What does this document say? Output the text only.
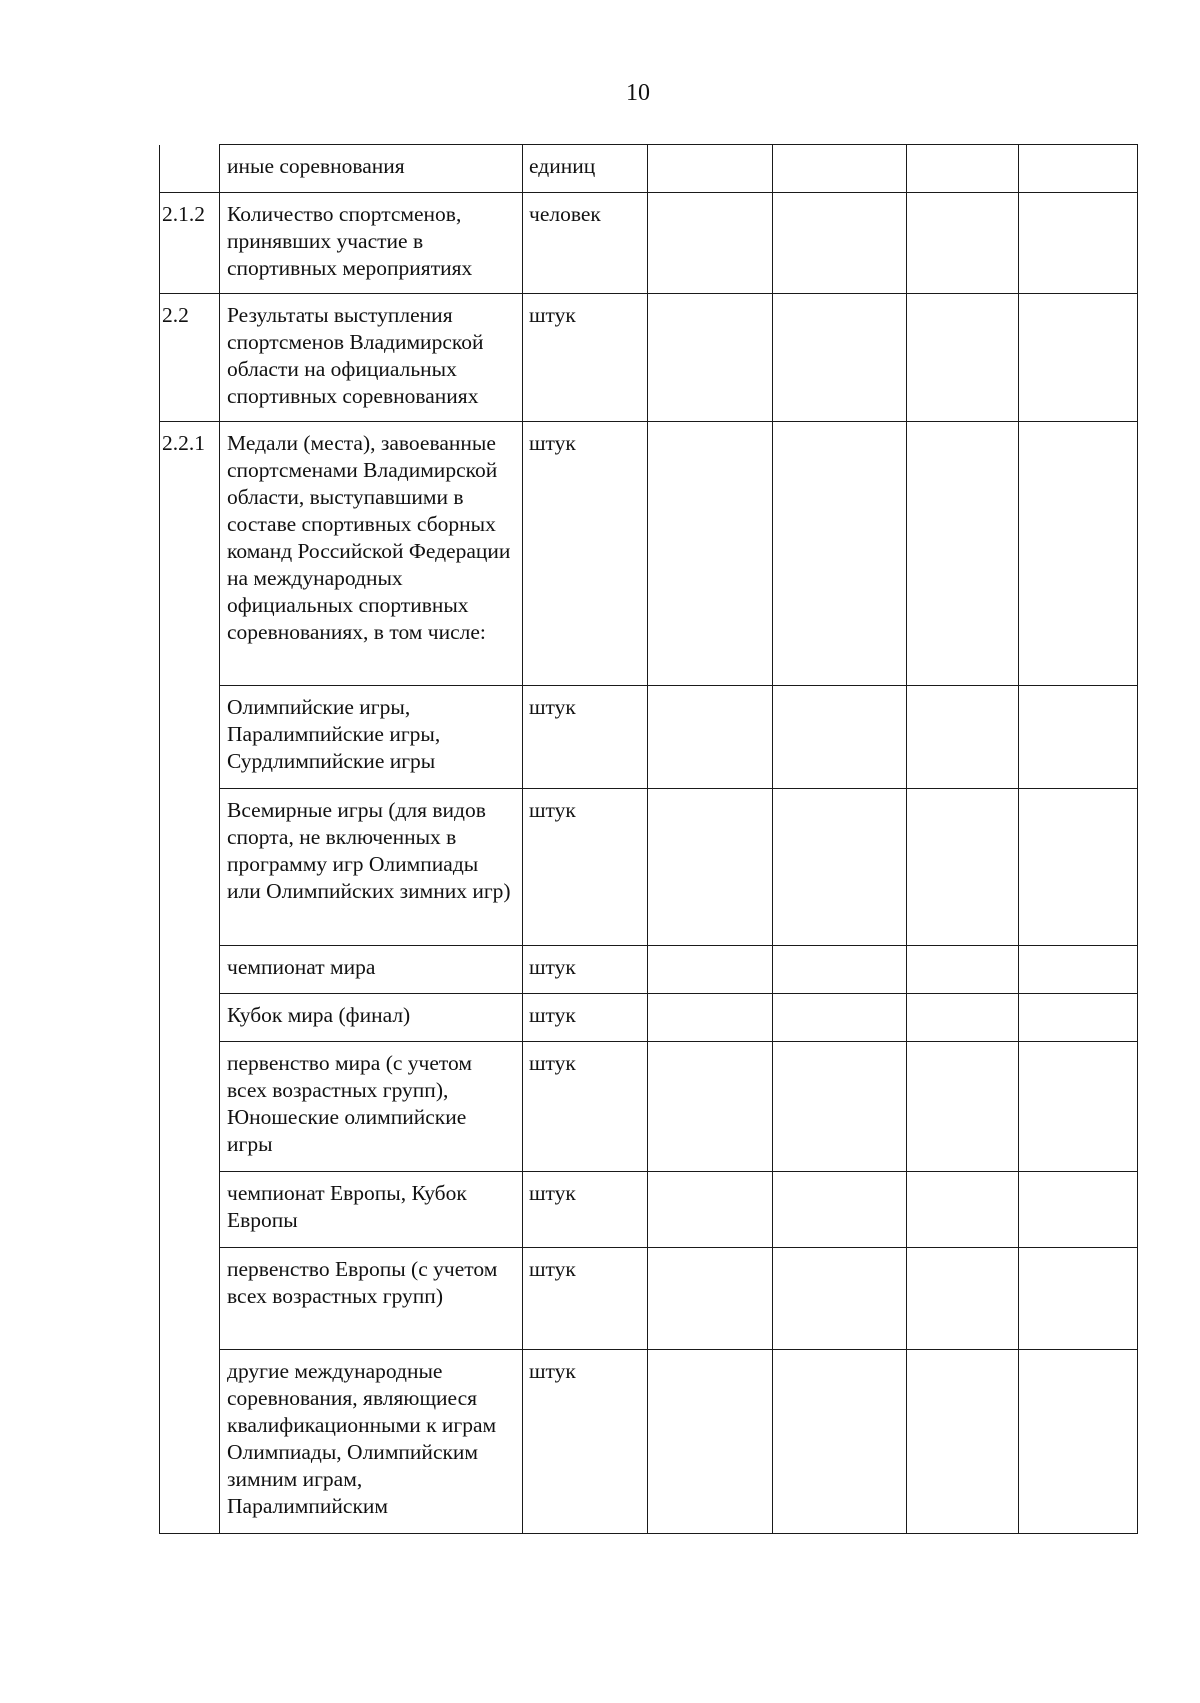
10
	иные соревнования	единиц				
2.1.2	Количество спортсменов, принявших участие в спортивных мероприятиях	человек				
2.2	Результаты выступления спортсменов Владимирской области на официальных спортивных соревнованиях	штук				
2.2.1	Медали (места), завоеванные спортсменами Владимирской области, выступавшими в составе спортивных сборных команд Российской Федерации на международных официальных спортивных соревнованиях, в том числе:	штук				
	Олимпийские игры, Паралимпийские игры, Сурдлимпийские игры	штук				
	Всемирные игры (для видов спорта, не включенных в программу игр Олимпиады или Олимпийских зимних игр)	штук				
	чемпионат мира	штук				
	Кубок мира (финал)	штук				
	первенство мира (с учетом всех возрастных групп), Юношеские олимпийские игры	штук				
	чемпионат Европы, Кубок Европы	штук				
	первенство Европы (с учетом всех возрастных групп)	штук				
	другие международные соревнования, являющиеся квалификационными к играм Олимпиады, Олимпийским зимним играм, Паралимпийским	штук				
